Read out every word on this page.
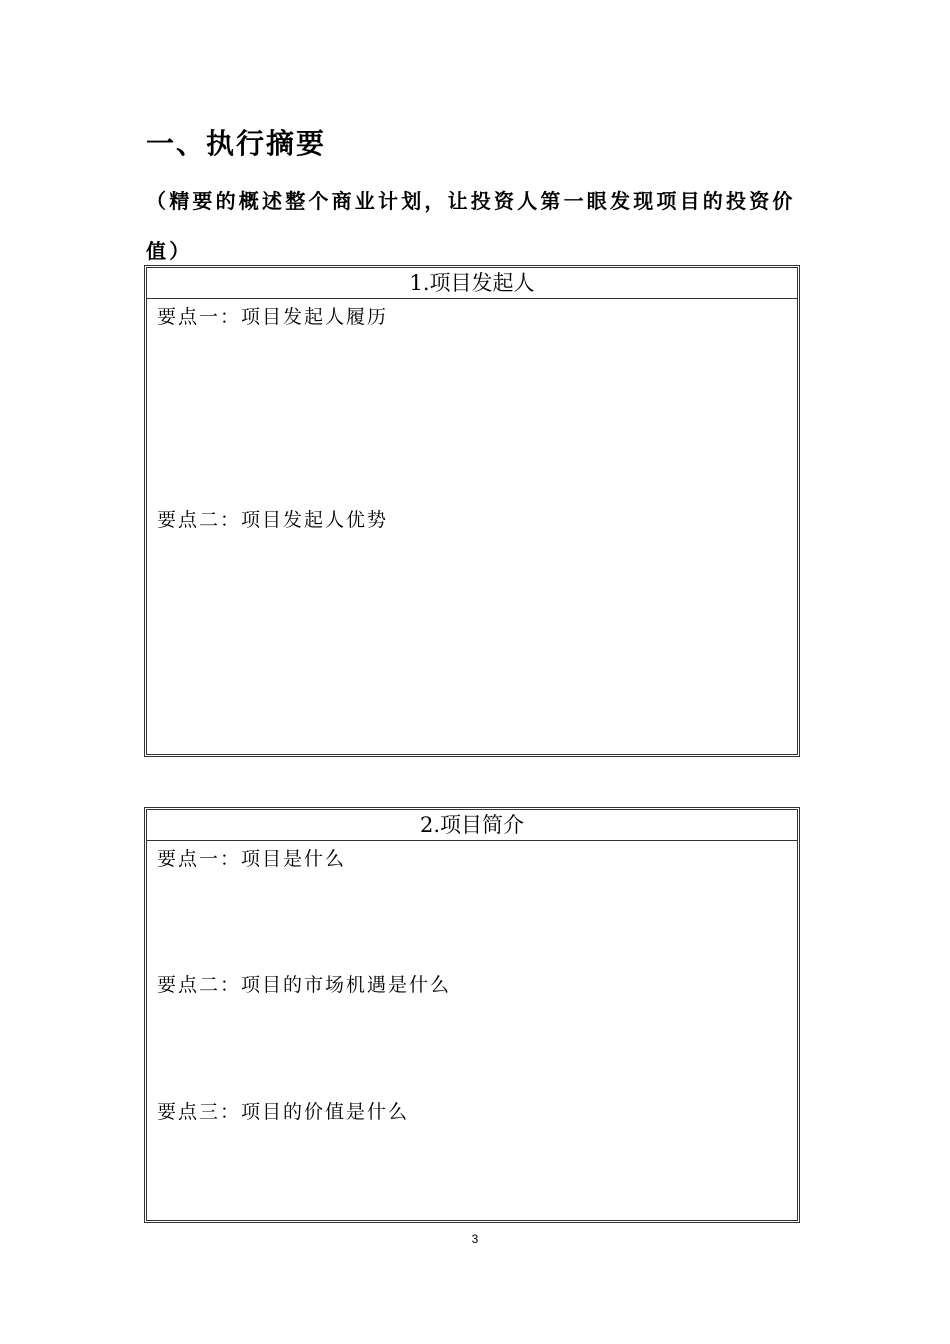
一、执行摘要
（精要的概述整个商业计划，让投资人第一眼发现项目的投资价值）
1.项目发起人
要点一：项目发起人履历
要点二：项目发起人优势
2.项目简介
要点一：项目是什么
要点二：项目的市场机遇是什么
要点三：项目的价值是什么
3
